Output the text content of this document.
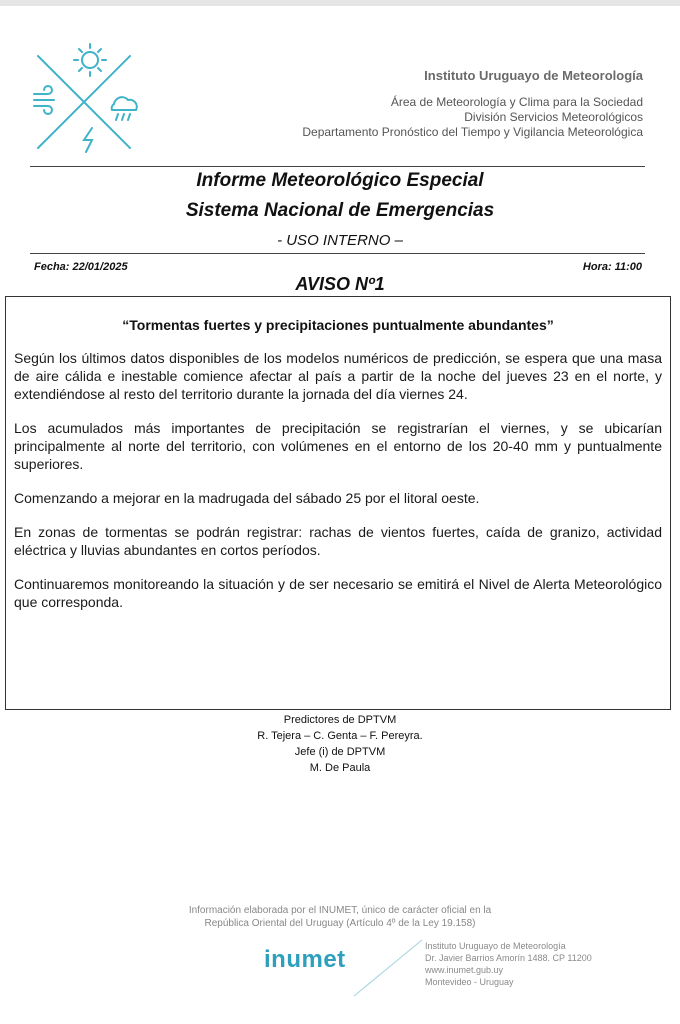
Instituto Uruguayo de Meteorología
Área de Meteorología y Clima para la Sociedad
División Servicios Meteorológicos
Departamento Pronóstico del Tiempo y Vigilancia Meteorológica
Informe Meteorológico Especial
Sistema Nacional de Emergencias
- USO INTERNO –
Fecha: 22/01/2025	Hora: 11:00
AVISO Nº1
“Tormentas fuertes y precipitaciones puntualmente abundantes”

Según los últimos datos disponibles de los modelos numéricos de predicción, se espera que una masa de aire cálida e inestable comience afectar al país a partir de la noche del jueves 23 en el norte, y extendiéndose al resto del territorio durante la jornada del día viernes 24.

Los acumulados más importantes de precipitación se registrarían el viernes, y se ubicarían principalmente al norte del territorio, con volúmenes en el entorno de los 20-40 mm y puntualmente superiores.

Comenzando a mejorar en la madrugada del sábado 25 por el litoral oeste.

En zonas de tormentas se podrán registrar: rachas de vientos fuertes, caída de granizo, actividad eléctrica y lluvias abundantes en cortos períodos.

Continuaremos monitoreando la situación y de ser necesario se emitirá el Nivel de Alerta Meteorológico que corresponda.

Predictores de DPTVM
R. Tejera – C. Genta – F. Pereyra.
Jefe (i) de DPTVM
M. De Paula
Información elaborada por el INUMET, único de carácter oficial en la
República Oriental del Uruguay (Artículo 4º de la Ley 19.158)
inumet	Instituto Uruguayo de Meteorología
Dr. Javier Barrios Amorín 1488. CP 11200
www.inumet.gub.uy
Montevideo - Uruguay
